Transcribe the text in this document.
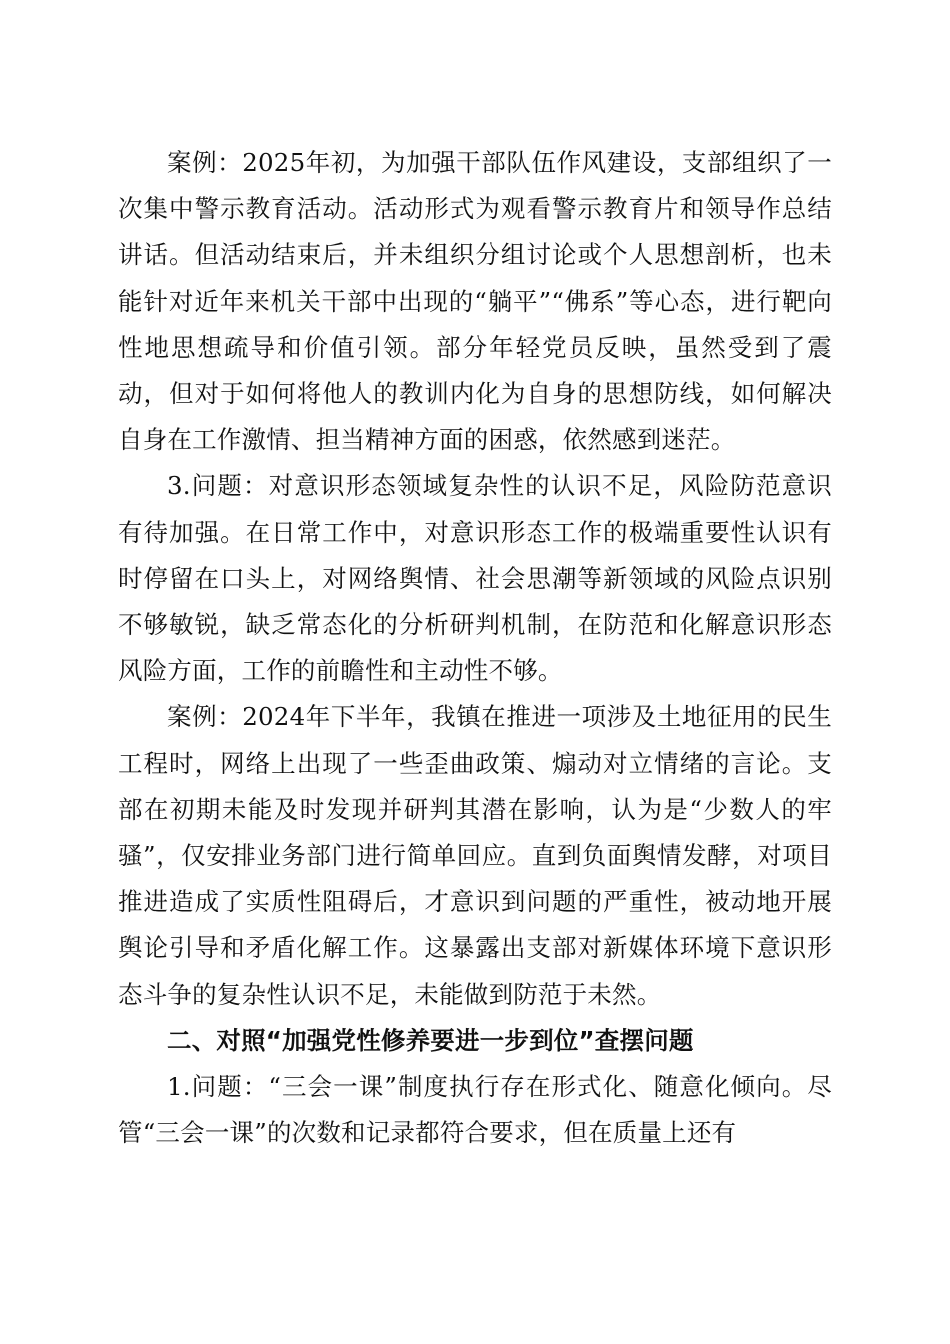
案例：2025年初，为加强干部队伍作风建设，支部组织了一次集中警示教育活动。活动形式为观看警示教育片和领导作总结讲话。但活动结束后，并未组织分组讨论或个人思想剖析，也未能针对近年来机关干部中出现的“躺平”“佛系”等心态，进行靶向性地思想疏导和价值引领。部分年轻党员反映，虽然受到了震动，但对于如何将他人的教训内化为自身的思想防线，如何解决自身在工作激情、担当精神方面的困惑，依然感到迷茫。

3.问题：对意识形态领域复杂性的认识不足，风险防范意识有待加强。在日常工作中，对意识形态工作的极端重要性认识有时停留在口头上，对网络舆情、社会思潮等新领域的风险点识别不够敏锐，缺乏常态化的分析研判机制，在防范和化解意识形态风险方面，工作的前瞻性和主动性不够。

案例：2024年下半年，我镇在推进一项涉及土地征用的民生工程时，网络上出现了一些歪曲政策、煽动对立情绪的言论。支部在初期未能及时发现并研判其潜在影响，认为是“少数人的牢骚”，仅安排业务部门进行简单回应。直到负面舆情发酵，对项目推进造成了实质性阻碍后，才意识到问题的严重性，被动地开展舆论引导和矛盾化解工作。这暴露出支部对新媒体环境下意识形态斗争的复杂性认识不足，未能做到防范于未然。

二、对照“加强党性修养要进一步到位”查摆问题

1.问题：“三会一课”制度执行存在形式化、随意化倾向。尽管“三会一课”的次数和记录都符合要求，但在质量上还有
